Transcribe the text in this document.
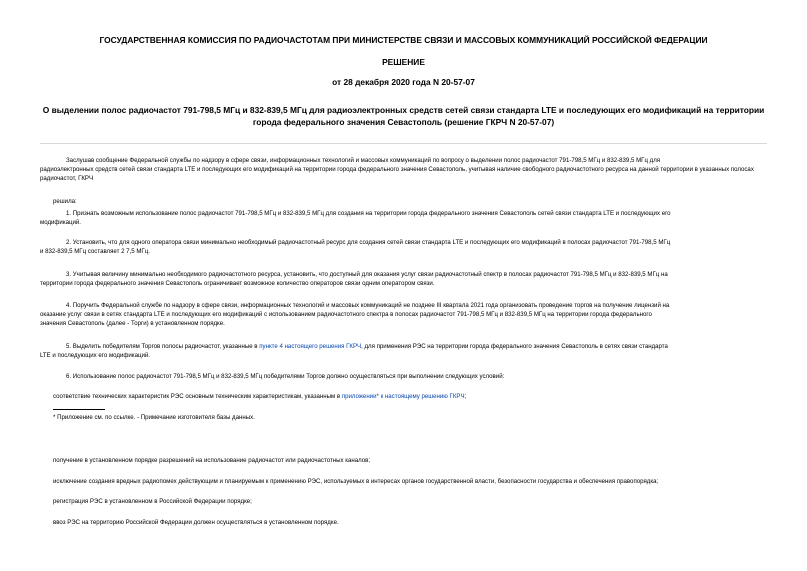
ГОСУДАРСТВЕННАЯ КОМИССИЯ ПО РАДИОЧАСТОТАМ ПРИ МИНИСТЕРСТВЕ СВЯЗИ И МАССОВЫХ КОММУНИКАЦИЙ РОССИЙСКОЙ ФЕДЕРАЦИИ
РЕШЕНИЕ
от 28 декабря 2020 года N 20-57-07
О выделении полос радиочастот 791-798,5 МГц и 832-839,5 МГц для радиоэлектронных средств сетей связи стандарта LTE и последующих его модификаций на территории города федерального значения Севастополь (решение ГКРЧ N 20-57-07)
Заслушав сообщение Федеральной службы по надзору в сфере связи, информационных технологий и массовых коммуникаций по вопросу о выделении полос радиочастот 791-798,5 МГц и 832-839,5 МГц для
радиоэлектронных средств сетей связи стандарта LTE и последующих его модификаций на территории города федерального значения Севастополь, учитывая наличие свободного радиочастотного ресурса на данной территории в указанных полосах радиочастот, ГКРЧ
решила:
1. Признать возможным использование полос радиочастот 791-798,5 МГц и 832-839,5 МГц для создания на территории города федерального значения Севастополь сетей связи стандарта LTE и последующих его
модификаций.
2. Установить, что для одного оператора связи минимально необходимый радиочастотный ресурс для создания сетей связи стандарта LTE и последующих его модификаций в полосах радиочастот 791-798,5 МГц
и 832-839,5 МГц составляет 2 7,5 МГц.
3. Учитывая величину минимально необходимого радиочастотного ресурса, установить, что доступный для оказания услуг связи радиочастотный спектр в полосах радиочастот 791-798,5 МГц и 832-839,5 МГц на
территории города федерального значения Севастополь ограничивает возможное количество операторов связи одним оператором связи.
4. Поручить Федеральной службе по надзору в сфере связи, информационных технологий и массовых коммуникаций не позднее III квартала 2021 года организовать проведение торгов на получение лицензий на
оказание услуг связи в сетях стандарта LTE и последующих его модификаций с использованием радиочастотного спектра в полосах радиочастот 791-798,5 МГц и 832-839,5 МГц на территории города федерального
значения Севастополь (далее - Торги) в установленном порядке.
5. Выделить победителям Торгов полосы радиочастот, указанные в пункте 4 настоящего решения ГКРЧ, для применения РЭС на территории города федерального значения Севастополь в сетях связи стандарта
LTE и последующих его модификаций.
6. Использование полос радиочастот 791-798,5 МГц и 832-839,5 МГц победителями Торгов должно осуществляться при выполнении следующих условий:
соответствие технических характеристик РЭС основным техническим характеристикам, указанным в приложении* к настоящему решению ГКРЧ;
* Приложение см. по ссылке. - Примечание изготовителя базы данных.
получение в установленном порядке разрешений на использование радиочастот или радиочастотных каналов;
исключение создания вредных радиопомех действующим и планируемым к применению РЭС, используемых в интересах органов государственной власти, безопасности государства и обеспечения правопорядка;
регистрация РЭС в установленном в Российской Федерации порядке;
ввоз РЭС на территорию Российской Федерации должен осуществляться в установленном порядке.
